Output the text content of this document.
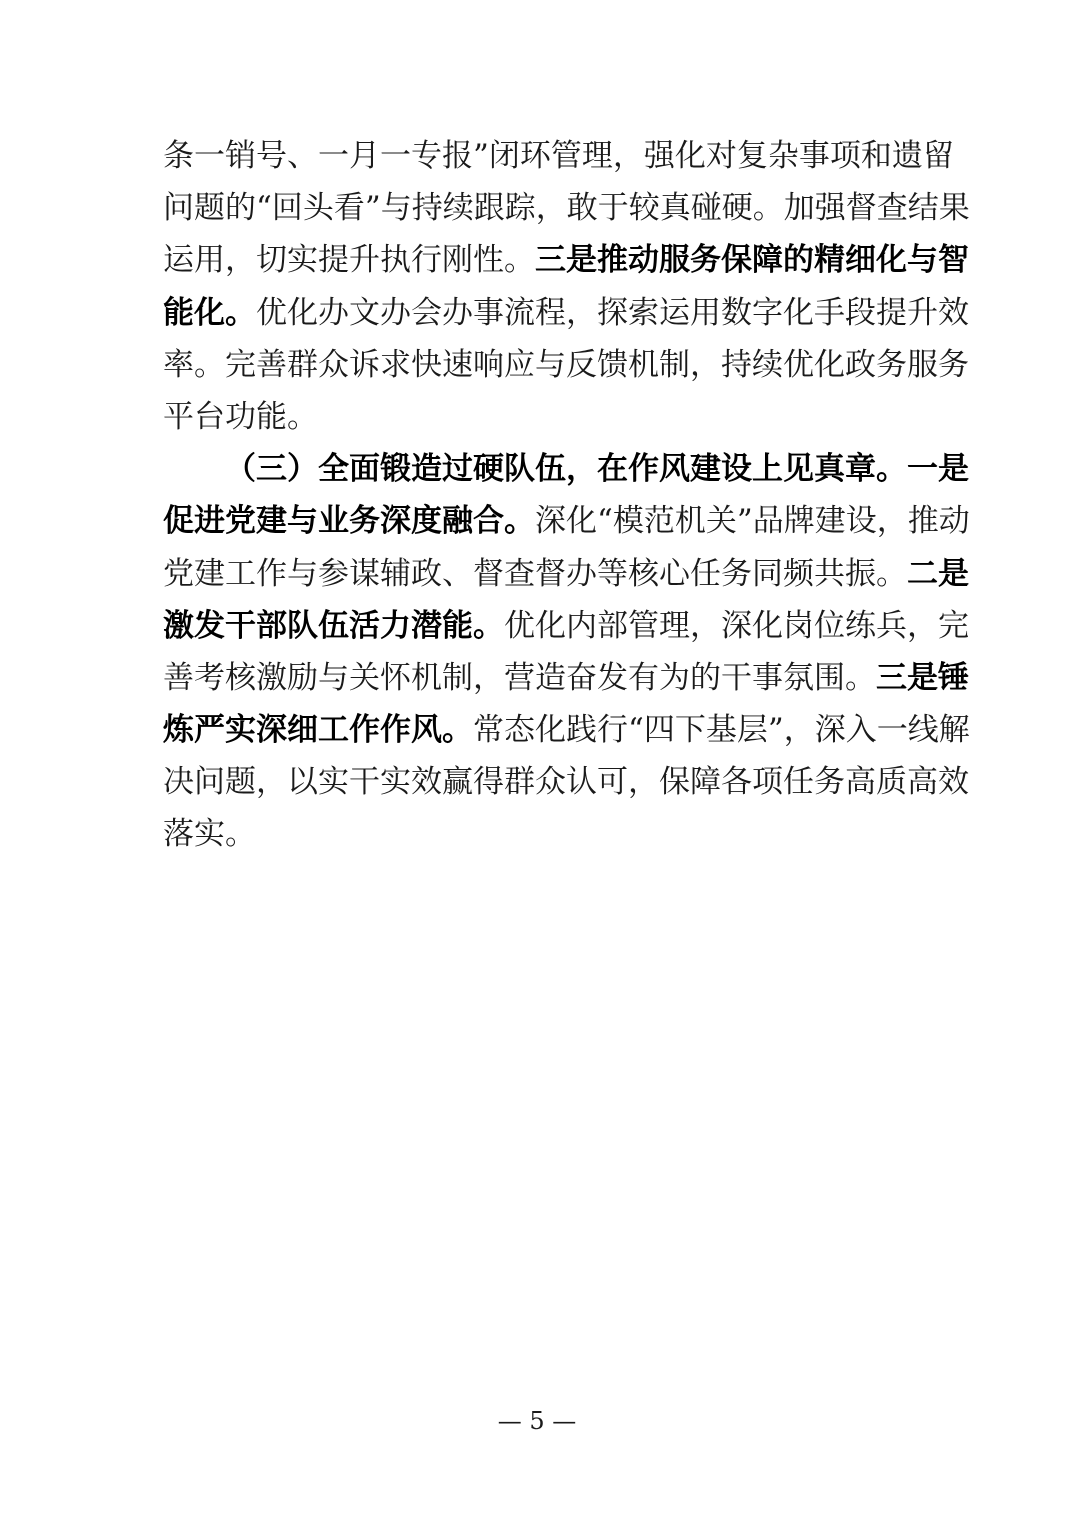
条一销号、一月一专报”闭环管理，强化对复杂事项和遗留
问题的“回头看”与持续跟踪，敢于较真碰硬。加强督查结果
运用，切实提升执行刚性。三是推动服务保障的精细化与智
能化。优化办文办会办事流程，探索运用数字化手段提升效
率。完善群众诉求快速响应与反馈机制，持续优化政务服务
平台功能。
（三）全面锻造过硬队伍，在作风建设上见真章。一是
促进党建与业务深度融合。深化“模范机关”品牌建设，推动
党建工作与参谋辅政、督查督办等核心任务同频共振。二是
激发干部队伍活力潜能。优化内部管理，深化岗位练兵，完
善考核激励与关怀机制，营造奋发有为的干事氛围。三是锤
炼严实深细工作作风。常态化践行“四下基层”，深入一线解
决问题，以实干实效赢得群众认可，保障各项任务高质高效
落实。
— 5 —
